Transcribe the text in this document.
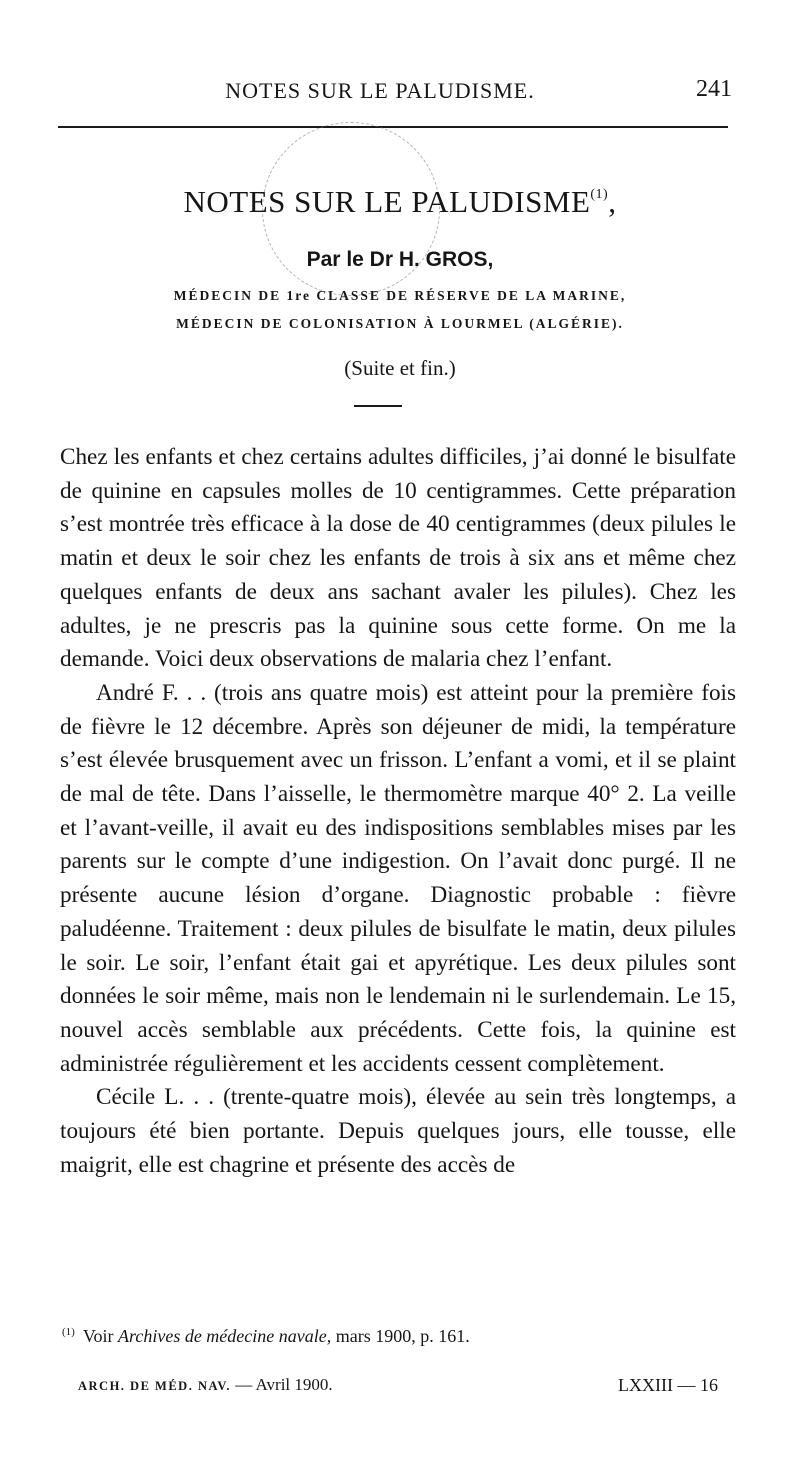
NOTES SUR LE PALUDISME.	241
NOTES SUR LE PALUDISME$^{(1)}$,
Par le Dr H. GROS,
MÉDECIN DE 1re CLASSE DE RÉSERVE DE LA MARINE,
MÉDECIN DE COLONISATION À LOURMEL (ALGÉRIE).
(Suite et fin.)

Chez les enfants et chez certains adultes difficiles, j’ai donné le bisulfate de quinine en capsules molles de 10 centigrammes. Cette préparation s’est montrée très efficace à la dose de 40 centigrammes (deux pilules le matin et deux le soir chez les enfants de trois à six ans et même chez quelques enfants de deux ans sachant avaler les pilules). Chez les adultes, je ne prescris pas la quinine sous cette forme. On me la demande. Voici deux observations de malaria chez l’enfant.

André F. . . (trois ans quatre mois) est atteint pour la première fois de fièvre le 12 décembre. Après son déjeuner de midi, la température s’est élevée brusquement avec un frisson. L’enfant a vomi, et il se plaint de mal de tête. Dans l’aisselle, le thermomètre marque 40° 2. La veille et l’avant-veille, il avait eu des indispositions semblables mises par les parents sur le compte d’une indigestion. On l’avait donc purgé. Il ne présente aucune lésion d’organe. Diagnostic probable : fièvre paludéenne. Traitement : deux pilules de bisulfate le matin, deux pilules le soir. Le soir, l’enfant était gai et apyrétique. Les deux pilules sont données le soir même, mais non le lendemain ni le surlendemain. Le 15, nouvel accès semblable aux précédents. Cette fois, la quinine est administrée régulièrement et les accidents cessent complètement.

Cécile L. . . (trente-quatre mois), élevée au sein très longtemps, a toujours été bien portante. Depuis quelques jours, elle tousse, elle maigrit, elle est chagrine et présente des accès de

$^{(1)}$ Voir Archives de médecine navale, mars 1900, p. 161.
ARCH. DE MÉD. NAV. — Avril 1900.	LXXIII — 16
